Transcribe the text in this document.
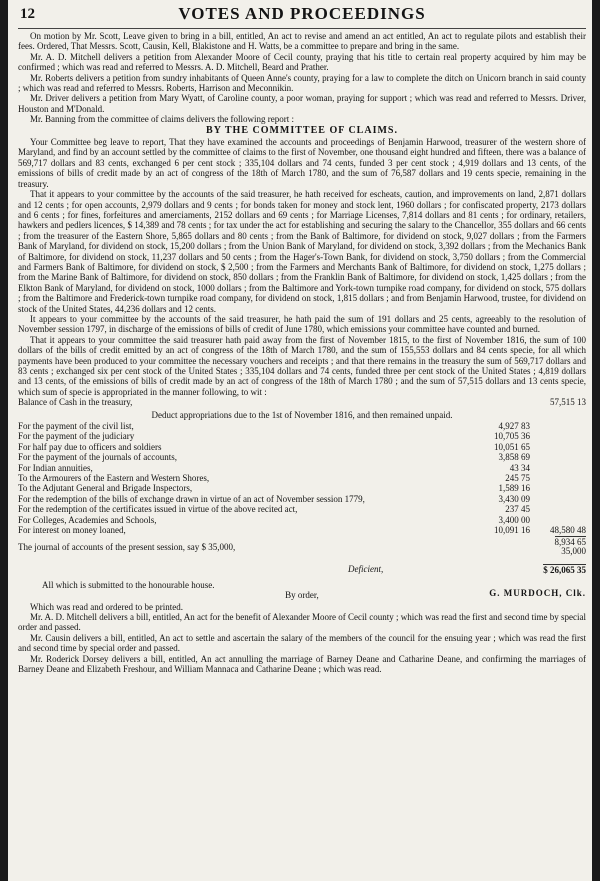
12	VOTES AND PROCEEDINGS

On motion by Mr. Scott, Leave given to bring in a bill, entitled, An act to revise and amend an act entitled, An act to regulate pilots and establish their fees. Ordered, That Messrs. Scott, Causin, Kell, Blakistone and H. Watts, be a committee to prepare and bring in the same.

Mr. A. D. Mitchell delivers a petition from Alexander Moore of Cecil county, praying that his title to certain real property acquired by him may be confirmed ; which was read and referred to Messrs. A. D. Mitchell, Beard and Prather.

Mr. Roberts delivers a petition from sundry inhabitants of Queen Anne's county, praying for a law to complete the ditch on Unicorn branch in said county ; which was read and referred to Messrs. Roberts, Harrison and Meconnikin.

Mr. Driver delivers a petition from Mary Wyatt, of Caroline county, a poor woman, praying for support ; which was read and referred to Messrs. Driver, Houston and M'Donald.

Mr. Banning from the committee of claims delivers the following report :

BY THE COMMITTEE OF CLAIMS.

Your Committee beg leave to report, That they have examined the accounts and proceedings of Benjamin Harwood, treasurer of the western shore of Maryland, and find by an account settled by the committee of claims to the first of November, one thousand eight hundred and fifteen, there was a balance of 569,717 dollars and 83 cents, exchanged 6 per cent stock ; 335,104 dollars and 74 cents, funded 3 per cent stock ; 4,919 dollars and 13 cents, of the emissions of bills of credit made by an act of congress of the 18th of March 1780, and the sum of 76,587 dollars and 19 cents specie, remaining in the treasury.

That it appears to your committee by the accounts of the said treasurer, he hath received for escheats, caution, and improvements on land, 2,871 dollars and 12 cents ; for open accounts, 2,979 dollars and 9 cents ; for bonds taken for money and stock lent, 1960 dollars ; for confiscated property, 2173 dollars and 6 cents ; for fines, forfeitures and amerciaments, 2152 dollars and 69 cents ; for Marriage Licenses, 7,814 dollars and 81 cents ; for ordinary, retailers, hawkers and pedlers licences, $ 14,389 and 78 cents ; for tax under the act for establishing and securing the salary to the Chancellor, 355 dollars and 66 cents ; from the treasurer of the Eastern Shore, 5,865 dollars and 80 cents ; from the Bank of Baltimore, for dividend on stock, 9,027 dollars ; from the Farmers Bank of Maryland, for dividend on stock, 15,200 dollars ; from the Union Bank of Maryland, for dividend on stock, 3,392 dollars ; from the Mechanics Bank of Baltimore, for dividend on stock, 11,237 dollars and 50 cents ; from the Hager's-Town Bank, for dividend on stock, 3,750 dollars ; from the Commercial and Farmers Bank of Baltimore, for dividend on stock, $ 2,500 ; from the Farmers and Merchants Bank of Baltimore, for dividend on stock, 1,275 dollars ; from the Marine Bank of Baltimore, for dividend on stock, 850 dollars ; from the Franklin Bank of Baltimore, for dividend on stock, 1,425 dollars ; from the Elkton Bank of Maryland, for dividend on stock, 1000 dollars ; from the Baltimore and York-town turnpike road company, for dividend on stock, 575 dollars ; from the Baltimore and Frederick-town turnpike road company, for dividend on stock, 1,815 dollars ; and from Benjamin Harwood, trustee, for dividend on stock of the United States, 44,236 dollars and 12 cents.

It appears to your committee by the accounts of the said treasurer, he hath paid the sum of 191 dollars and 25 cents, agreeably to the resolution of November session 1797, in discharge of the emissions of bills of credit of June 1780, which emissions your committee have counted and burned.

That it appears to your committee the said treasurer hath paid away from the first of November 1815, to the first of November 1816, the sum of 100 dollars of the bills of credit emitted by an act of congress of the 18th of March 1780, and the sum of 155,553 dollars and 84 cents specie, for all which payments have been produced to your committee the necessary vouchers and receipts ; and that there remains in the treasury the sum of 569,717 dollars and 83 cents ; exchanged six per cent stock of the United States ; 335,104 dollars and 74 cents, funded three per cent stock of the United States ; 4,819 dollars and 13 cents, of the emissions of bills of credit made by an act of congress of the 18th of March 1780 ; and the sum of 57,515 dollars and 13 cents specie, which sum of specie is appropriated in the manner following, to wit :

Balance of Cash in the treasury,	57,515 13

Deduct appropriations due to the 1st of November 1816, and then remained unpaid.

For the payment of the civil list,	4,927 83	
For the payment of the judiciary	10,705 36	
For half pay due to officers and soldiers	10,051 65	
For the payment of the journals of accounts,	3,858 69	
For Indian annuities,	43 34	
To the Armourers of the Eastern and Western Shores,	245 75	
To the Adjutant General and Brigade Inspectors,	1,589 16	
For the redemption of the bills of exchange drawn in virtue of an act of November session 1779,	3,430 09	
For the redemption of the certificates issued in virtue of the above recited act,	237 45	
For Colleges, Academies and Schools,	3,400 00	
For interest on money loaned,	10,091 16	48,580 48
The journal of accounts of the present session, say $ 35,000,	8,934 65
35,000
Deficient,	$ 26,065 35
All which is submitted to the honourable house.
By order,	G. MURDOCH, Clk.

Which was read and ordered to be printed.

Mr. A. D. Mitchell delivers a bill, entitled, An act for the benefit of Alexander Moore of Cecil county ; which was read the first and second time by special order and passed.

Mr. Causin delivers a bill, entitled, An act to settle and ascertain the salary of the members of the council for the ensuing year ; which was read the first and second time by special order and passed.

Mr. Roderick Dorsey delivers a bill, entitled, An act annulling the marriage of Barney Deane and Catharine Deane, and confirming the marriages of Barney Deane and Elizabeth Freshour, and William Mannaca and Catharine Deane ; which was read.
